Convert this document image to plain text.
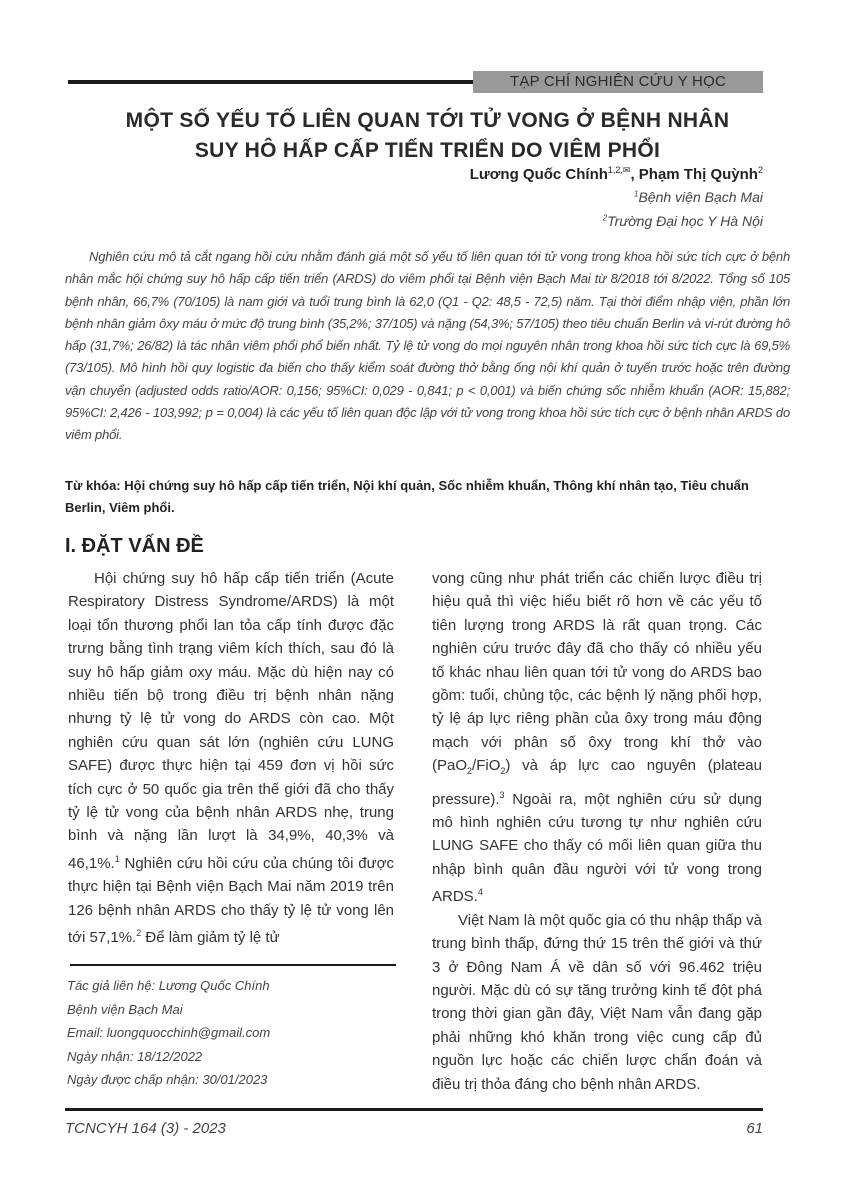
TẠP CHÍ NGHIÊN CỨU Y HỌC
MỘT SỐ YẾU TỐ LIÊN QUAN TỚI TỬ VONG Ở BỆNH NHÂN
SUY HÔ HẤP CẤP TIẾN TRIỂN DO VIÊM PHỔI
Lương Quốc Chính$^{1,2,✉}$, Phạm Thị Quỳnh$^2$
$^1$Bệnh viện Bạch Mai
$^2$Trường Đại học Y Hà Nội
Nghiên cứu mô tả cắt ngang hồi cứu nhằm đánh giá một số yếu tố liên quan tới tử vong trong khoa hồi sức tích cực ở bệnh nhân mắc hội chứng suy hô hấp cấp tiến triển (ARDS) do viêm phổi tại Bệnh viện Bạch Mai từ 8/2018 tới 8/2022. Tổng số 105 bệnh nhân, 66,7% (70/105) là nam giới và tuổi trung bình là 62,0 (Q1 - Q2: 48,5 - 72,5) năm. Tại thời điểm nhập viện, phần lớn bệnh nhân giảm ôxy máu ở mức độ trung bình (35,2%; 37/105) và nặng (54,3%; 57/105) theo tiêu chuẩn Berlin và vi-rút đường hô hấp (31,7%; 26/82) là tác nhân viêm phổi phổ biến nhất. Tỷ lệ tử vong do mọi nguyên nhân trong khoa hồi sức tích cực là 69,5% (73/105). Mô hình hồi quy logistic đa biến cho thấy kiểm soát đường thở bằng ống nội khí quản ở tuyến trước hoặc trên đường vận chuyển (adjusted odds ratio/AOR: 0,156; 95%CI: 0,029 - 0,841; p < 0,001) và biến chứng sốc nhiễm khuẩn (AOR: 15,882; 95%CI: 2,426 - 103,992; p = 0,004) là các yếu tố liên quan độc lập với tử vong trong khoa hồi sức tích cực ở bệnh nhân ARDS do viêm phổi.
Từ khóa: Hội chứng suy hô hấp cấp tiến triển, Nội khí quản, Sốc nhiễm khuẩn, Thông khí nhân tạo, Tiêu chuẩn Berlin, Viêm phổi.
I. ĐẶT VẤN ĐỀ

Hội chứng suy hô hấp cấp tiến triển (Acute Respiratory Distress Syndrome/ARDS) là một loại tổn thương phổi lan tỏa cấp tính được đặc trưng bằng tình trạng viêm kích thích, sau đó là suy hô hấp giảm oxy máu. Mặc dù hiện nay có nhiều tiến bộ trong điều trị bệnh nhân nặng nhưng tỷ lệ tử vong do ARDS còn cao. Một nghiên cứu quan sát lớn (nghiên cứu LUNG SAFE) được thực hiện tại 459 đơn vị hồi sức tích cực ở 50 quốc gia trên thế giới đã cho thấy tỷ lệ tử vong của bệnh nhân ARDS nhẹ, trung bình và nặng lần lượt là 34,9%, 40,3% và 46,1%.$^1$ Nghiên cứu hồi cứu của chúng tôi được thực hiện tại Bệnh viện Bạch Mai năm 2019 trên 126 bệnh nhân ARDS cho thấy tỷ lệ tử vong lên tới 57,1%.$^2$ Để làm giảm tỷ lệ tử

vong cũng như phát triển các chiến lược điều trị hiệu quả thì việc hiểu biết rõ hơn về các yếu tố tiên lượng trong ARDS là rất quan trọng. Các nghiên cứu trước đây đã cho thấy có nhiều yếu tố khác nhau liên quan tới tử vong do ARDS bao gồm: tuổi, chủng tộc, các bệnh lý nặng phối hợp, tỷ lệ áp lực riêng phần của ôxy trong máu động mạch với phân số ôxy trong khí thở vào (PaO$_2$/FiO$_2$) và áp lực cao nguyên (plateau pressure).$^3$ Ngoài ra, một nghiên cứu sử dụng mô hình nghiên cứu tương tự như nghiên cứu LUNG SAFE cho thấy có mối liên quan giữa thu nhập bình quân đầu người với tử vong trong ARDS.$^4$

Việt Nam là một quốc gia có thu nhập thấp và trung bình thấp, đứng thứ 15 trên thế giới và thứ 3 ở Đông Nam Á về dân số với 96.462 triệu người. Mặc dù có sự tăng trưởng kinh tế đột phá trong thời gian gần đây, Việt Nam vẫn đang gặp phải những khó khăn trong việc cung cấp đủ nguồn lực hoặc các chiến lược chẩn đoán và điều trị thỏa đáng cho bệnh nhân ARDS.

Tác giả liên hệ: Lương Quốc Chính
Bệnh viện Bạch Mai
Email: luongquocchinh@gmail.com
Ngày nhận: 18/12/2022
Ngày được chấp nhận: 30/01/2023
TCNCYH 164 (3) - 2023	61
